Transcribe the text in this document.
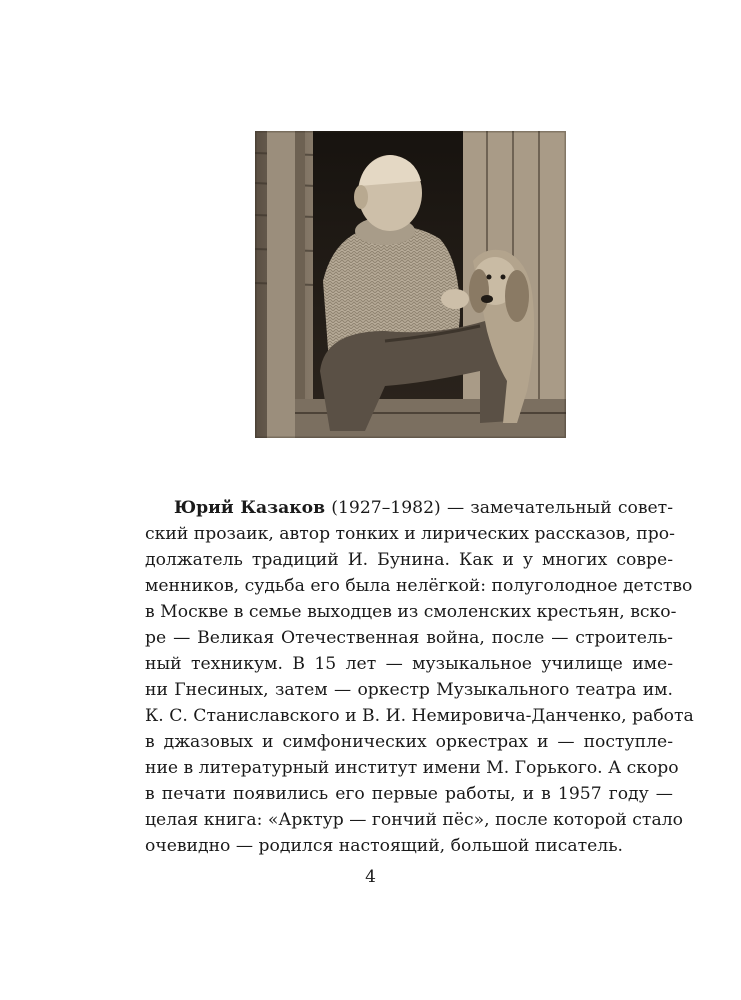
Юрий Казаков (1927–1982) — замечательный совет-
ский прозаик, автор тонких и лирических рассказов, про-
должатель традиций И. Бунина. Как и у многих совре-
менников, судьба его была нелёгкой: полуголодное детство
в Москве в семье выходцев из смоленских крестьян, вско-
ре — Великая Отечественная война, после — строитель-
ный техникум. В 15 лет — музыкальное училище име-
ни Гнесиных, затем — оркестр Музыкального театра им.
К. С. Станиславского и В. И. Немировича-Данченко, работа
в джазовых и симфонических оркестрах и — поступле-
ние в литературный институт имени М. Горького. А скоро
в печати появились его первые работы, и в 1957 году —
целая книга: «Арктур — гончий пёс», после которой стало
очевидно — родился настоящий, большой писатель.
4
